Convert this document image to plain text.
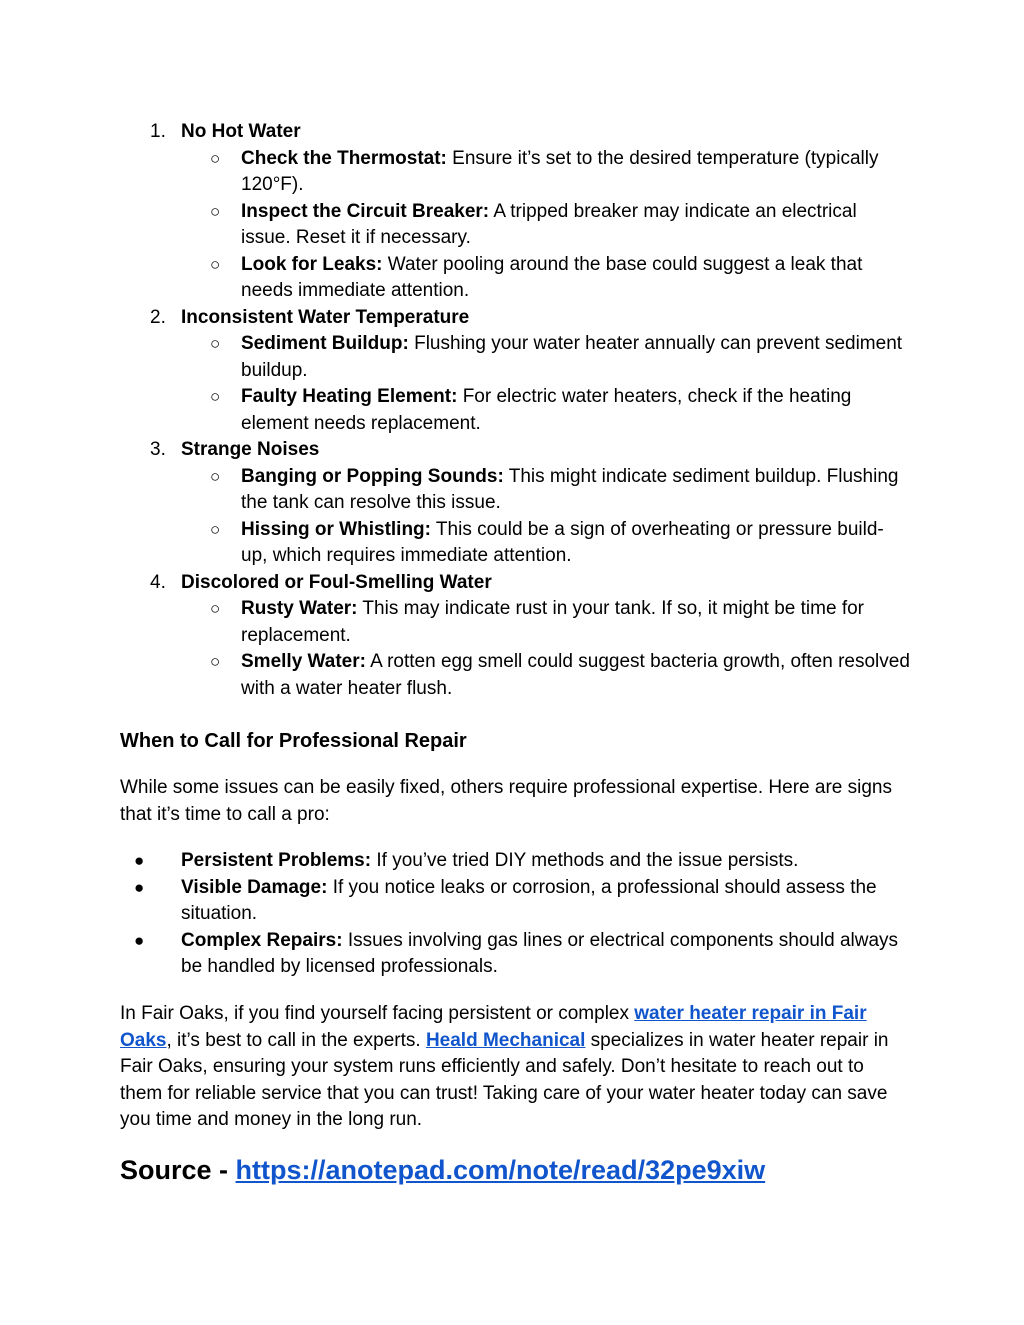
1. No Hot Water
○ Check the Thermostat: Ensure it’s set to the desired temperature (typically 120°F).
○ Inspect the Circuit Breaker: A tripped breaker may indicate an electrical issue. Reset it if necessary.
○ Look for Leaks: Water pooling around the base could suggest a leak that needs immediate attention.
2. Inconsistent Water Temperature
○ Sediment Buildup: Flushing your water heater annually can prevent sediment buildup.
○ Faulty Heating Element: For electric water heaters, check if the heating element needs replacement.
3. Strange Noises
○ Banging or Popping Sounds: This might indicate sediment buildup. Flushing the tank can resolve this issue.
○ Hissing or Whistling: This could be a sign of overheating or pressure build-up, which requires immediate attention.
4. Discolored or Foul-Smelling Water
○ Rusty Water: This may indicate rust in your tank. If so, it might be time for replacement.
○ Smelly Water: A rotten egg smell could suggest bacteria growth, often resolved with a water heater flush.
When to Call for Professional Repair

While some issues can be easily fixed, others require professional expertise. Here are signs that it’s time to call a pro:

● Persistent Problems: If you’ve tried DIY methods and the issue persists.
● Visible Damage: If you notice leaks or corrosion, a professional should assess the situation.
● Complex Repairs: Issues involving gas lines or electrical components should always be handled by licensed professionals.

In Fair Oaks, if you find yourself facing persistent or complex water heater repair in Fair Oaks, it’s best to call in the experts. Heald Mechanical specializes in water heater repair in Fair Oaks, ensuring your system runs efficiently and safely. Don’t hesitate to reach out to them for reliable service that you can trust! Taking care of your water heater today can save you time and money in the long run.

Source - https://anotepad.com/note/read/32pe9xiw
